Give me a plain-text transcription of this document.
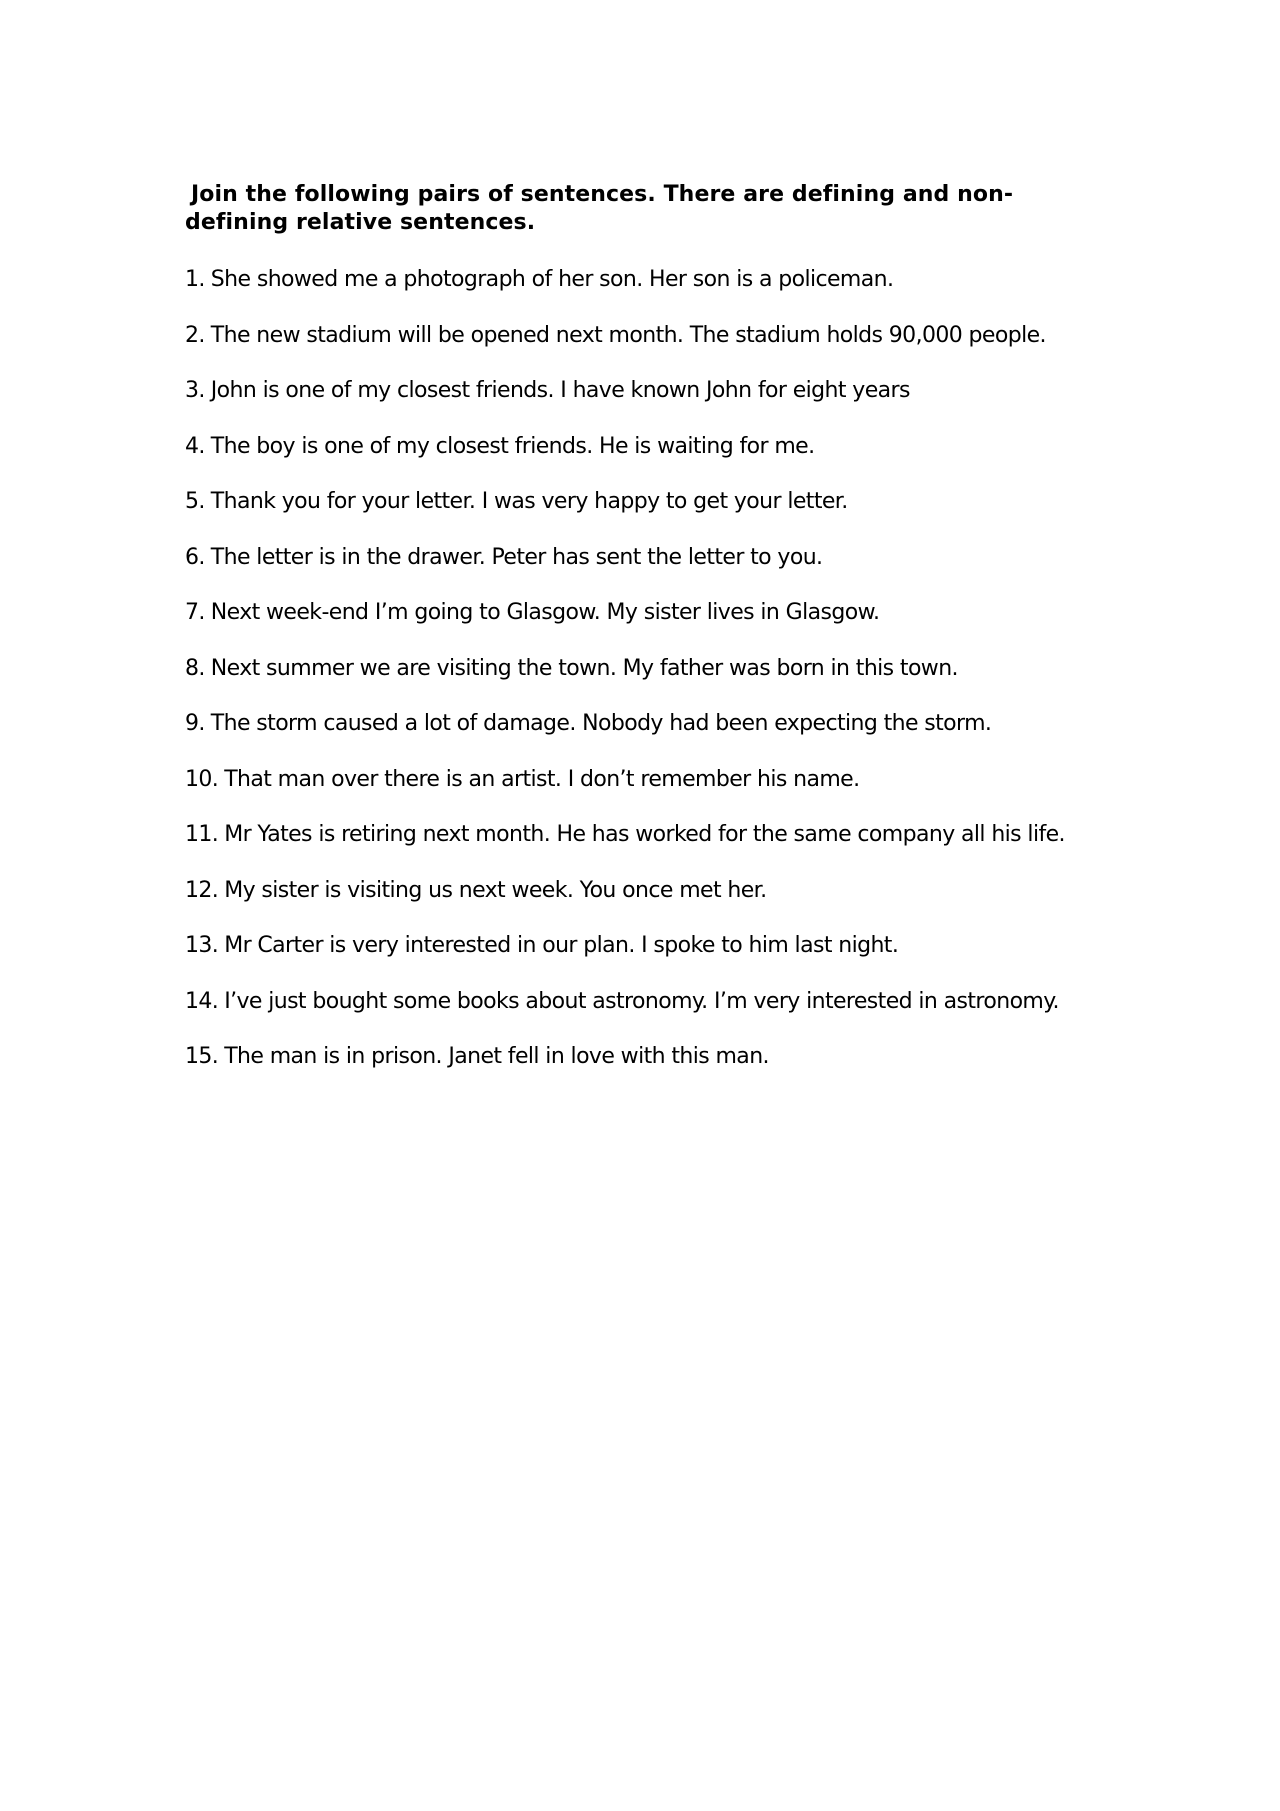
Join the following pairs of sentences. There are defining and non-
defining relative sentences.
1. She showed me a photograph of her son. Her son is a policeman.
2. The new stadium will be opened next month. The stadium holds 90,000 people.
3. John is one of my closest friends. I have known John for eight years
4. The boy is one of my closest friends. He is waiting for me.
5. Thank you for your letter. I was very happy to get your letter.
6. The letter is in the drawer. Peter has sent the letter to you.
7. Next week-end I’m going to Glasgow. My sister lives in Glasgow.
8. Next summer we are visiting the town. My father was born in this town.
9. The storm caused a lot of damage. Nobody had been expecting the storm.
10. That man over there is an artist. I don’t remember his name.
11. Mr Yates is retiring next month. He has worked for the same company all his life.
12. My sister is visiting us next week. You once met her.
13. Mr Carter is very interested in our plan. I spoke to him last night.
14. I’ve just bought some books about astronomy. I’m very interested in astronomy.
15. The man is in prison. Janet fell in love with this man.
